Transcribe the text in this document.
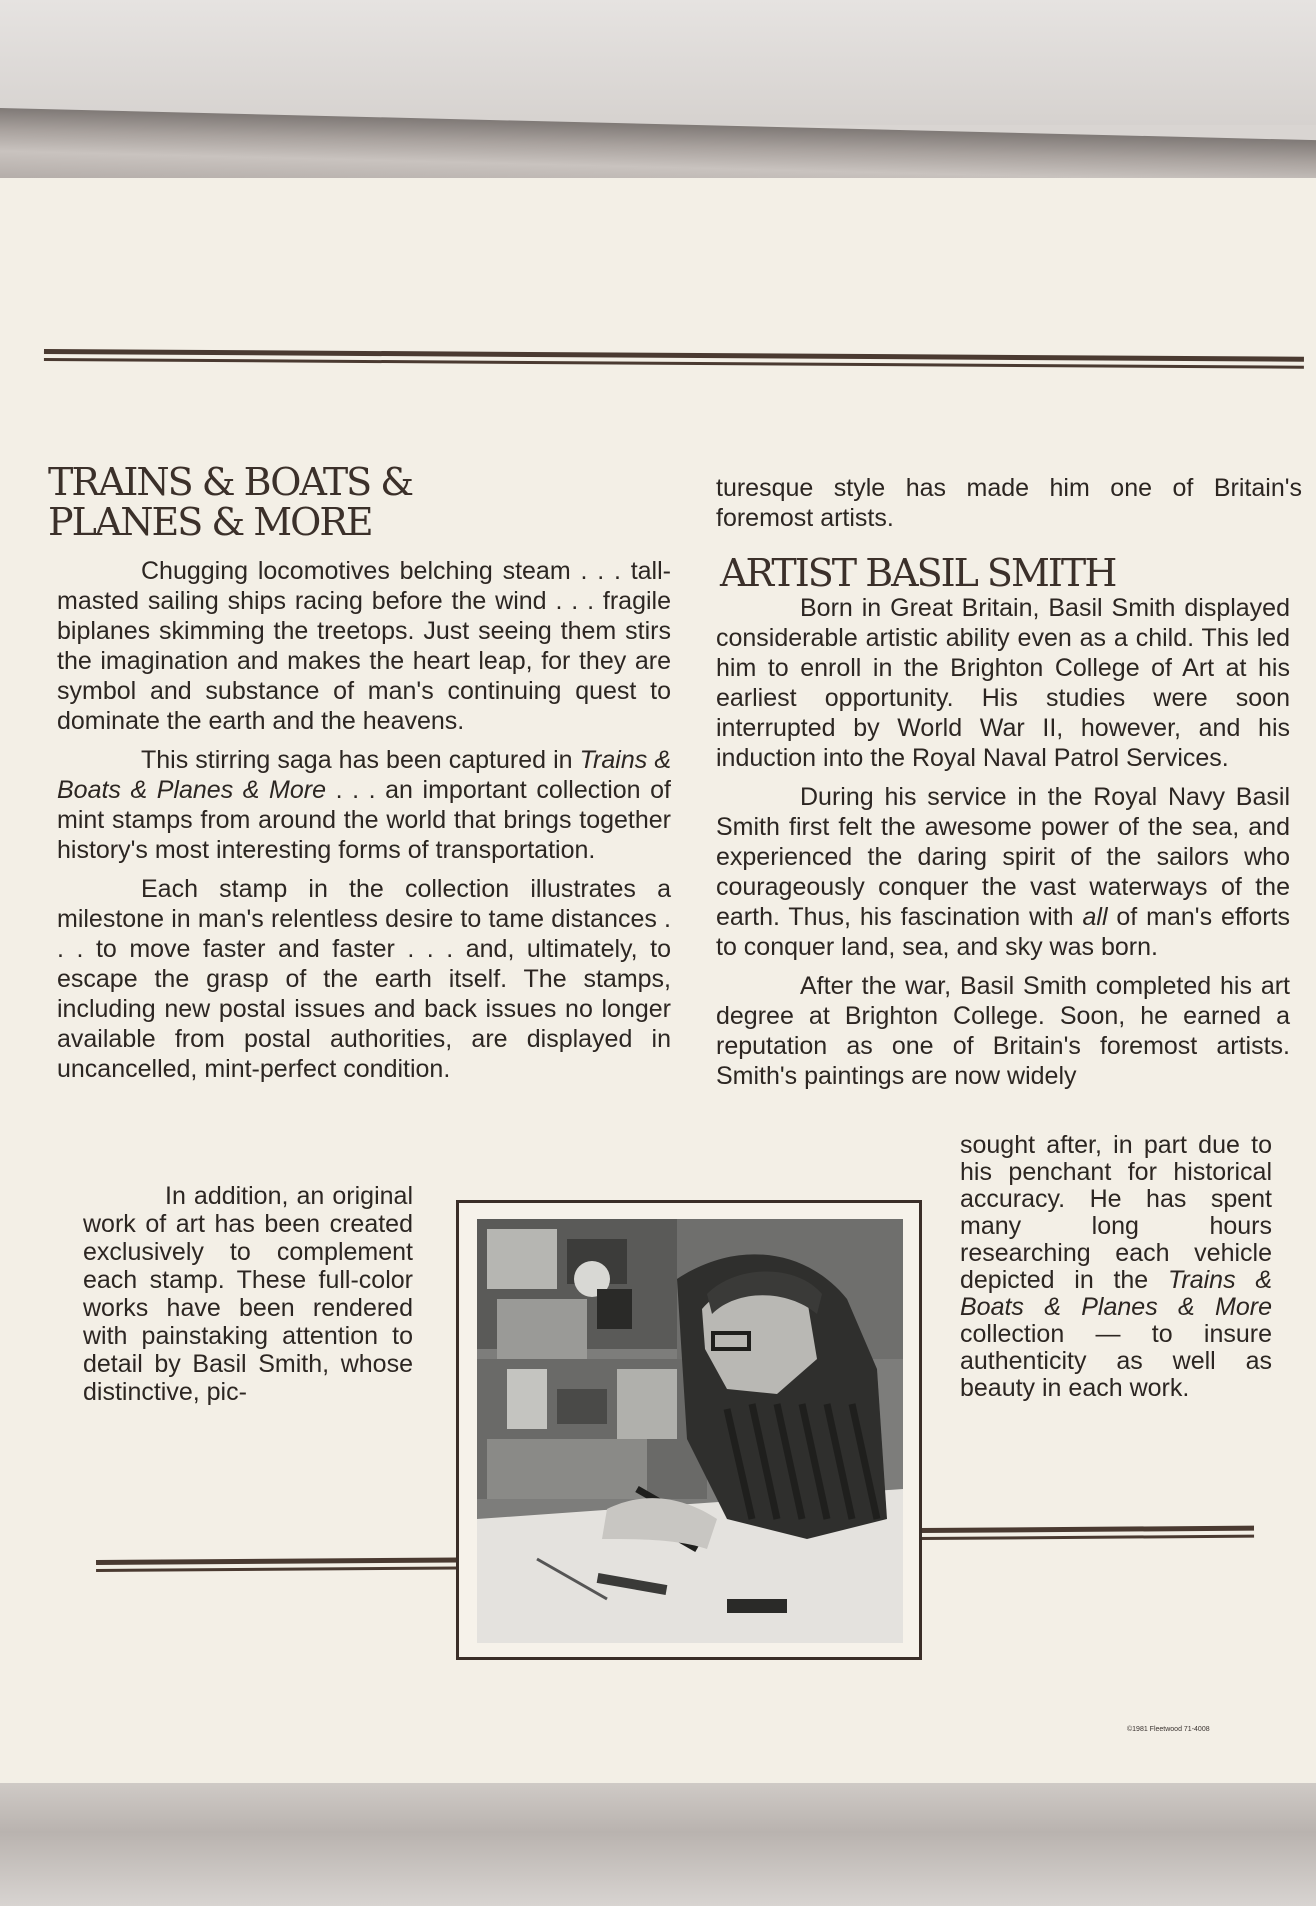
TRAINS & BOATS & PLANES & MORE

Chugging locomotives belching steam . . . tall-masted sailing ships racing before the wind . . . fragile biplanes skimming the treetops. Just seeing them stirs the imagination and makes the heart leap, for they are symbol and substance of man's continuing quest to dominate the earth and the heavens.

This stirring saga has been captured in Trains & Boats & Planes & More . . . an important collection of mint stamps from around the world that brings together history's most interesting forms of transportation.

Each stamp in the collection illustrates a milestone in man's relentless desire to tame distances . . . to move faster and faster . . . and, ultimately, to escape the grasp of the earth itself. The stamps, including new postal issues and back issues no longer available from postal authorities, are displayed in uncancelled, mint-perfect condition.

In addition, an original work of art has been created exclusively to complement each stamp. These full-color works have been rendered with painstaking attention to detail by Basil Smith, whose distinctive, pic-

turesque style has made him one of Britain's foremost artists.

ARTIST BASIL SMITH

Born in Great Britain, Basil Smith displayed considerable artistic ability even as a child. This led him to enroll in the Brighton College of Art at his earliest opportunity. His studies were soon interrupted by World War II, however, and his induction into the Royal Naval Patrol Services.

During his service in the Royal Navy Basil Smith first felt the awesome power of the sea, and experienced the daring spirit of the sailors who courageously conquer the vast waterways of the earth. Thus, his fascination with all of man's efforts to conquer land, sea, and sky was born.

After the war, Basil Smith completed his art degree at Brighton College. Soon, he earned a reputation as one of Britain's foremost artists. Smith's paintings are now widely

sought after, in part due to his penchant for historical accuracy. He has spent many long hours researching each vehicle depicted in the Trains & Boats & Planes & More collection — to insure authenticity as well as beauty in each work.

©1981 Fleetwood 71-4008
